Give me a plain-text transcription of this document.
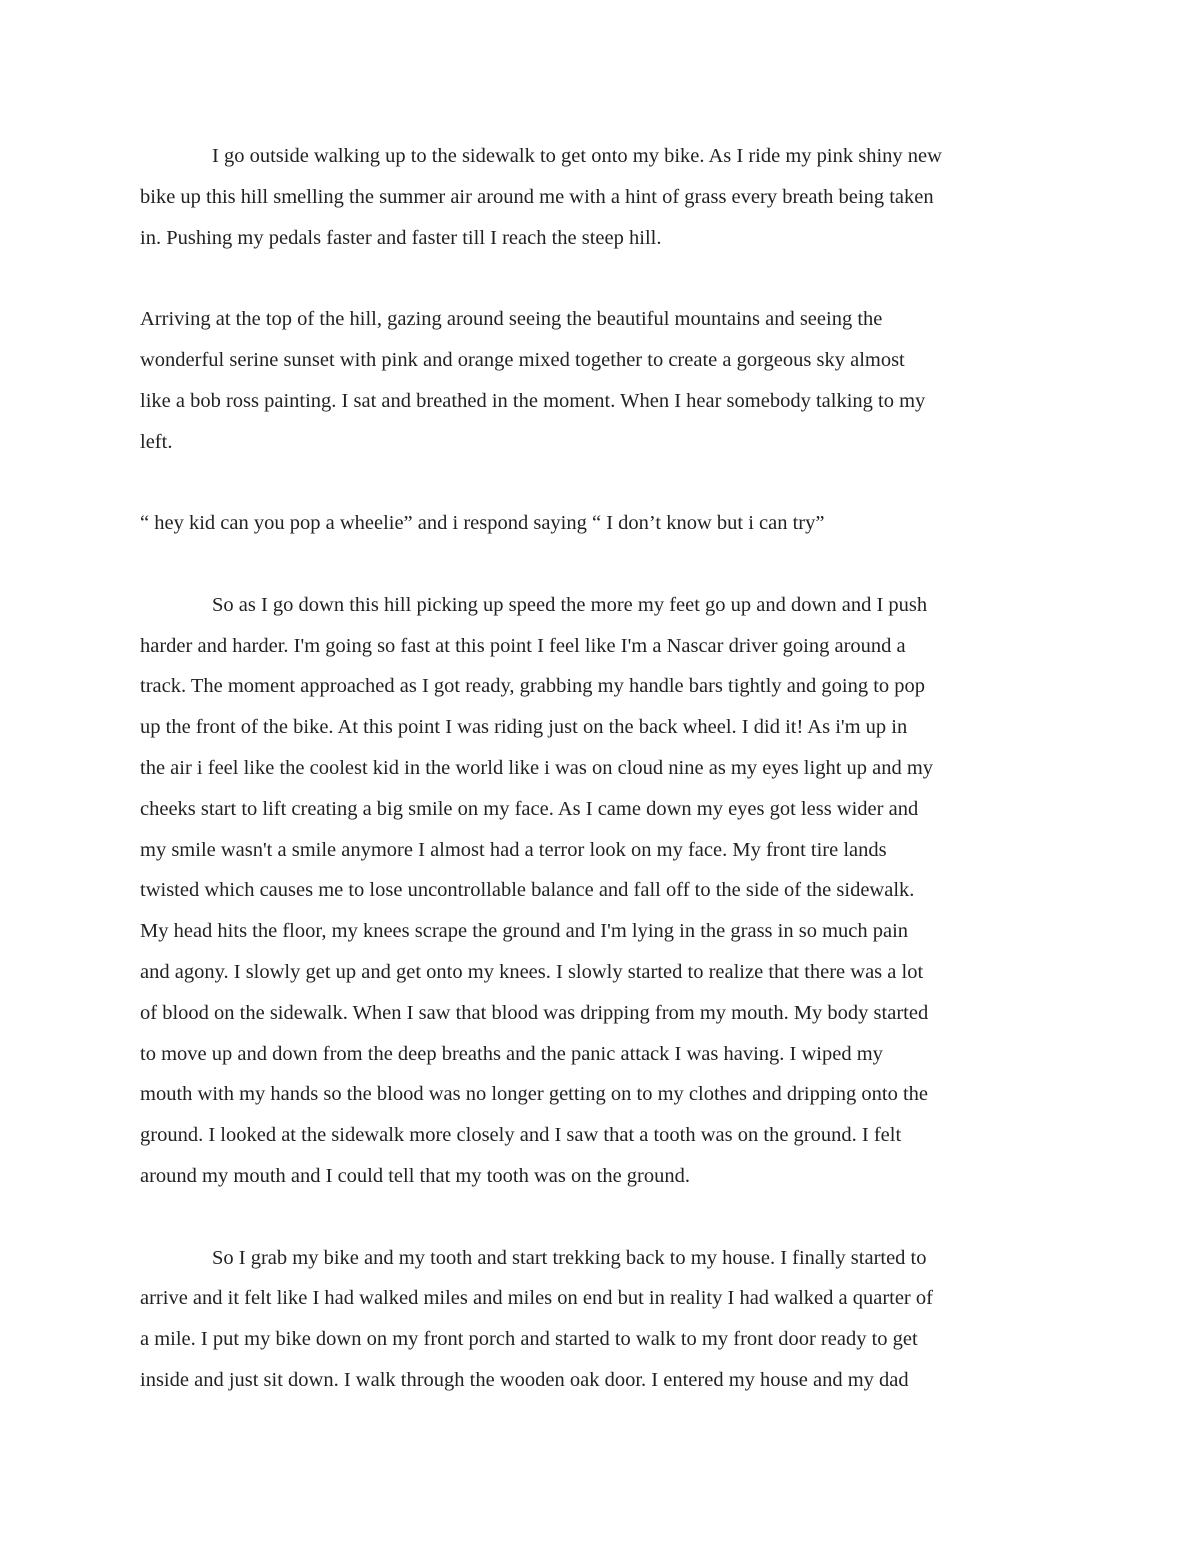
I go outside walking up to the sidewalk to get onto my bike. As I ride my pink shiny new
bike up this hill smelling the summer air around me with a hint of grass every breath being taken
in. Pushing my pedals faster and faster till I reach the steep hill.
Arriving at the top of the hill, gazing around seeing the beautiful mountains and seeing the
wonderful serine sunset with pink and orange mixed together to create a gorgeous sky almost
like a bob ross painting. I sat and breathed in the moment. When I hear somebody talking to my
left.
“ hey kid can you pop a wheelie” and i respond saying “ I don’t know but i can try”
So as I go down this hill picking up speed the more my feet go up and down and I push
harder and harder. I'm going so fast at this point I feel like I'm a Nascar driver going around a
track. The moment approached as I got ready, grabbing my handle bars tightly and going to pop
up the front of the bike. At this point I was riding just on the back wheel. I did it! As i'm up in
the air i feel like the coolest kid in the world like i was on cloud nine as my eyes light up and my
cheeks start to lift creating a big smile on my face. As I came down my eyes got less wider and
my smile wasn't a smile anymore I almost had a terror look on my face. My front tire lands
twisted which causes me to lose uncontrollable balance and fall off to the side of the sidewalk.
My head hits the floor, my knees scrape the ground and I'm lying in the grass in so much pain
and agony. I slowly get up and get onto my knees. I slowly started to realize that there was a lot
of blood on the sidewalk. When I saw that blood was dripping from my mouth. My body started
to move up and down from the deep breaths and the panic attack I was having. I wiped my
mouth with my hands so the blood was no longer getting on to my clothes and dripping onto the
ground. I looked at the sidewalk more closely and I saw that a tooth was on the ground. I felt
around my mouth and I could tell that my tooth was on the ground.
So I grab my bike and my tooth and start trekking back to my house. I finally started to
arrive and it felt like I had walked miles and miles on end but in reality I had walked a quarter of
a mile. I put my bike down on my front porch and started to walk to my front door ready to get
inside and just sit down. I walk through the wooden oak door. I entered my house and my dad
